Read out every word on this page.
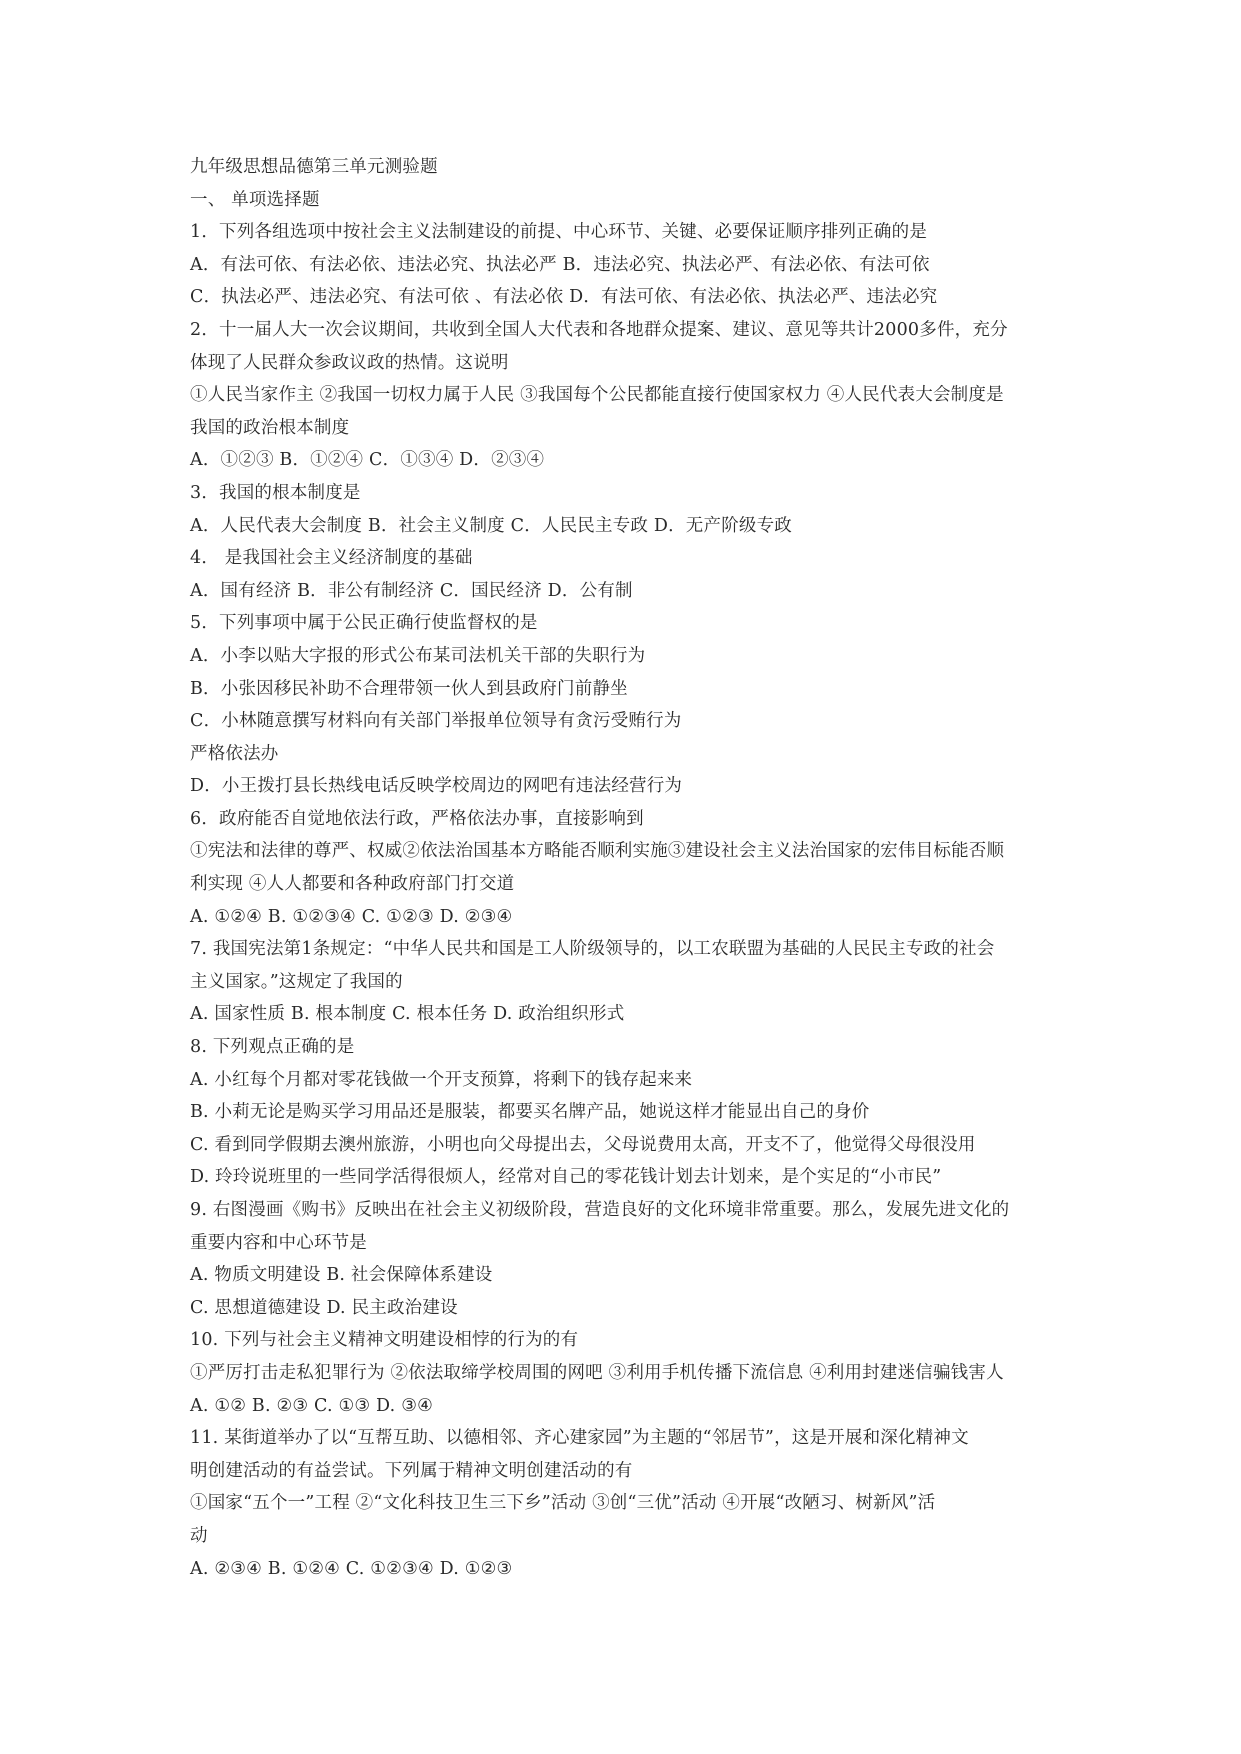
九年级思想品德第三单元测验题
一、 单项选择题
1．下列各组选项中按社会主义法制建设的前提、中心环节、关键、必要保证顺序排列正确的是
A．有法可依、有法必依、违法必究、执法必严 B．违法必究、执法必严、有法必依、有法可依
C．执法必严、违法必究、有法可依 、有法必依 D．有法可依、有法必依、执法必严、违法必究
2．十一届人大一次会议期间，共收到全国人大代表和各地群众提案、建议、意见等共计2000多件，充分
体现了人民群众参政议政的热情。这说明
①人民当家作主 ②我国一切权力属于人民 ③我国每个公民都能直接行使国家权力 ④人民代表大会制度是
我国的政治根本制度
A．①②③ B．①②④ C．①③④ D．②③④
3．我国的根本制度是
A．人民代表大会制度 B．社会主义制度 C．人民民主专政 D．无产阶级专政
4． 是我国社会主义经济制度的基础
A．国有经济 B．非公有制经济 C．国民经济 D．公有制
5．下列事项中属于公民正确行使监督权的是
A．小李以贴大字报的形式公布某司法机关干部的失职行为
B．小张因移民补助不合理带领一伙人到县政府门前静坐
C．小林随意撰写材料向有关部门举报单位领导有贪污受贿行为
严格依法办
D．小王拨打县长热线电话反映学校周边的网吧有违法经营行为
6．政府能否自觉地依法行政，严格依法办事，直接影响到
①宪法和法律的尊严、权威②依法治国基本方略能否顺利实施③建设社会主义法治国家的宏伟目标能否顺
利实现 ④人人都要和各种政府部门打交道
A. ①②④ B. ①②③④ C. ①②③ D. ②③④
7. 我国宪法第1条规定：“中华人民共和国是工人阶级领导的，以工农联盟为基础的人民民主专政的社会
主义国家。”这规定了我国的
A. 国家性质 B. 根本制度 C. 根本任务 D. 政治组织形式
8. 下列观点正确的是
A. 小红每个月都对零花钱做一个开支预算，将剩下的钱存起来来
B. 小莉无论是购买学习用品还是服装，都要买名牌产品，她说这样才能显出自己的身价
C. 看到同学假期去澳州旅游，小明也向父母提出去，父母说费用太高，开支不了，他觉得父母很没用
D. 玲玲说班里的一些同学活得很烦人，经常对自己的零花钱计划去计划来，是个实足的“小市民”
9. 右图漫画《购书》反映出在社会主义初级阶段，营造良好的文化环境非常重要。那么，发展先进文化的
重要内容和中心环节是
A. 物质文明建设 B. 社会保障体系建设
C. 思想道德建设 D. 民主政治建设
10. 下列与社会主义精神文明建设相悖的行为的有
①严厉打击走私犯罪行为 ②依法取缔学校周围的网吧 ③利用手机传播下流信息 ④利用封建迷信骗钱害人
A. ①② B. ②③ C. ①③ D. ③④
11. 某街道举办了以“互帮互助、以德相邻、齐心建家园”为主题的“邻居节”，这是开展和深化精神文
明创建活动的有益尝试。下列属于精神文明创建活动的有
①国家“五个一”工程 ②“文化科技卫生三下乡”活动 ③创“三优”活动 ④开展“改陋习、树新风”活
动
A. ②③④ B. ①②④ C. ①②③④ D. ①②③
